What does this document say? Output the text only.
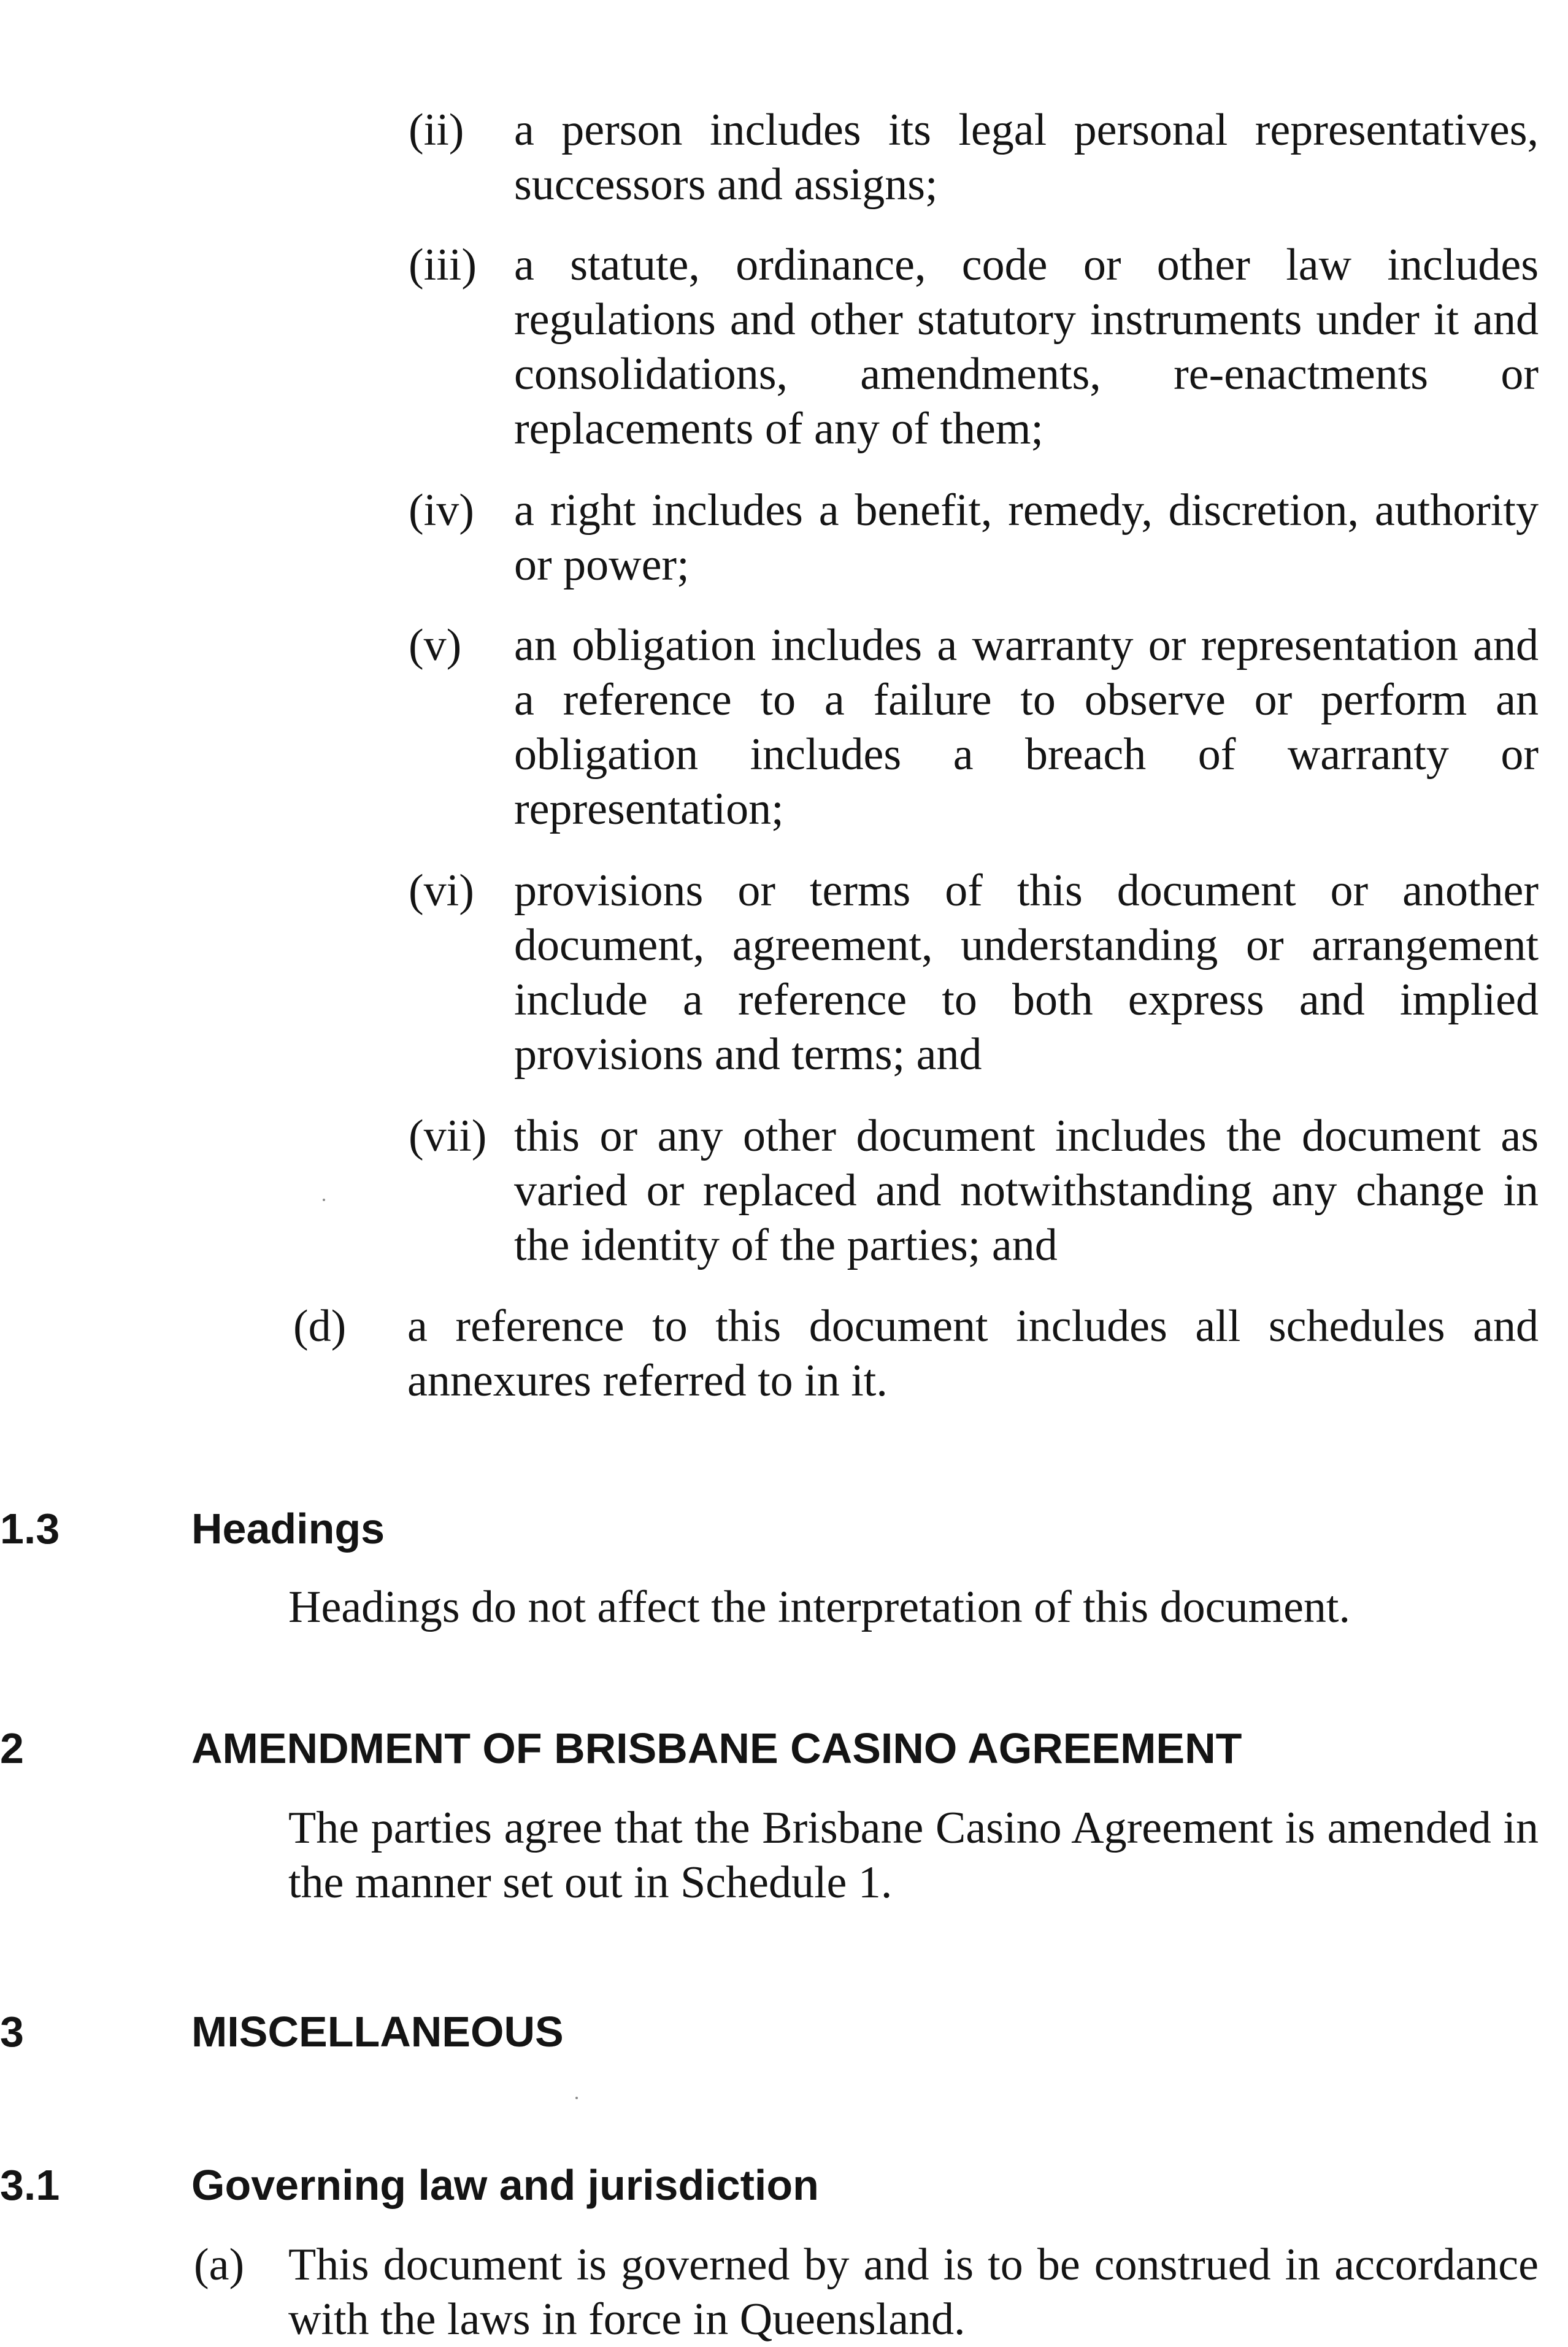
(ii) a person includes its legal personal representatives, successors and assigns;
(iii) a statute, ordinance, code or other law includes regulations and other statutory instruments under it and consolidations, amendments, re-enactments or replacements of any of them;
(iv) a right includes a benefit, remedy, discretion, authority or power;
(v) an obligation includes a warranty or representation and a reference to a failure to observe or perform an obligation includes a breach of warranty or representation;
(vi) provisions or terms of this document or another document, agreement, understanding or arrangement include a reference to both express and implied provisions and terms; and
(vii) this or any other document includes the document as varied or replaced and notwithstanding any change in the identity of the parties; and
(d) a reference to this document includes all schedules and annexures referred to in it.
1.3	Headings
Headings do not affect the interpretation of this document.
2	AMENDMENT OF BRISBANE CASINO AGREEMENT
The parties agree that the Brisbane Casino Agreement is amended in the manner set out in Schedule 1.
3	MISCELLANEOUS
3.1	Governing law and jurisdiction
(a) This document is governed by and is to be construed in accordance with the laws in force in Queensland.
